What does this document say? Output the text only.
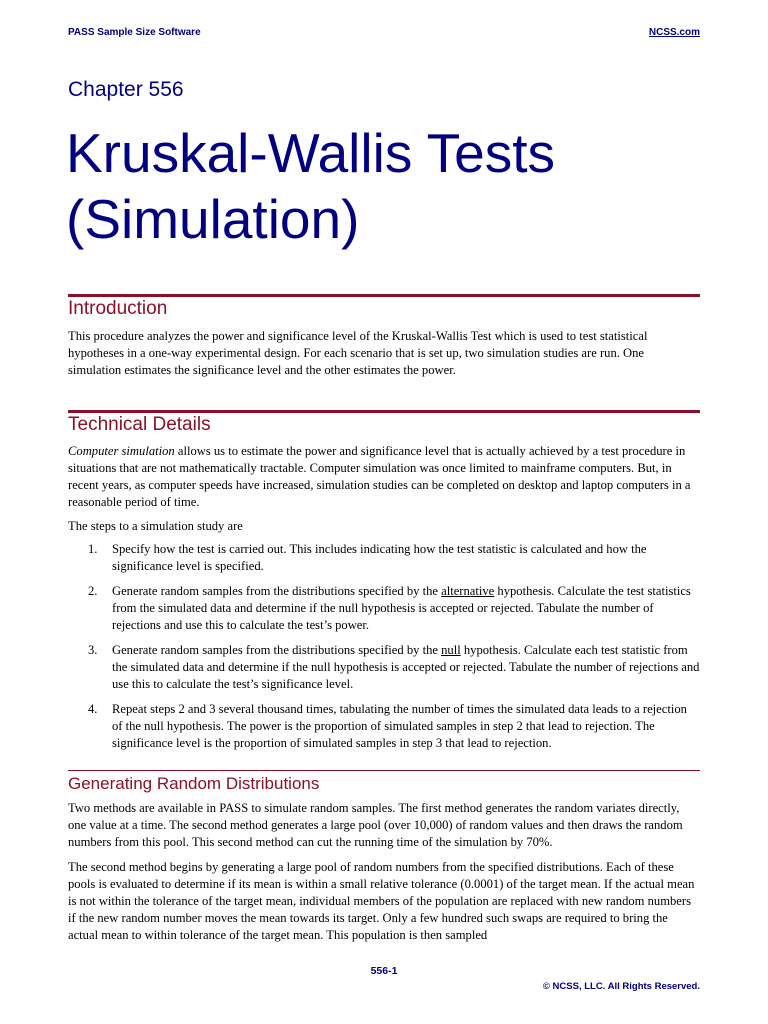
PASS Sample Size Software	NCSS.com
Chapter 556
Kruskal-Wallis Tests
(Simulation)
Introduction

This procedure analyzes the power and significance level of the Kruskal-Wallis Test which is used to test statistical hypotheses in a one-way experimental design. For each scenario that is set up, two simulation studies are run. One simulation estimates the significance level and the other estimates the power.

Technical Details

Computer simulation allows us to estimate the power and significance level that is actually achieved by a test procedure in situations that are not mathematically tractable. Computer simulation was once limited to mainframe computers. But, in recent years, as computer speeds have increased, simulation studies can be completed on desktop and laptop computers in a reasonable period of time.

The steps to a simulation study are

1. Specify how the test is carried out. This includes indicating how the test statistic is calculated and how the significance level is specified.
2. Generate random samples from the distributions specified by the alternative hypothesis. Calculate the test statistics from the simulated data and determine if the null hypothesis is accepted or rejected. Tabulate the number of rejections and use this to calculate the test’s power.
3. Generate random samples from the distributions specified by the null hypothesis. Calculate each test statistic from the simulated data and determine if the null hypothesis is accepted or rejected. Tabulate the number of rejections and use this to calculate the test’s significance level.
4. Repeat steps 2 and 3 several thousand times, tabulating the number of times the simulated data leads to a rejection of the null hypothesis. The power is the proportion of simulated samples in step 2 that lead to rejection. The significance level is the proportion of simulated samples in step 3 that lead to rejection.
Generating Random Distributions

Two methods are available in PASS to simulate random samples. The first method generates the random variates directly, one value at a time. The second method generates a large pool (over 10,000) of random values and then draws the random numbers from this pool. This second method can cut the running time of the simulation by 70%.

The second method begins by generating a large pool of random numbers from the specified distributions. Each of these pools is evaluated to determine if its mean is within a small relative tolerance (0.0001) of the target mean. If the actual mean is not within the tolerance of the target mean, individual members of the population are replaced with new random numbers if the new random number moves the mean towards its target. Only a few hundred such swaps are required to bring the actual mean to within tolerance of the target mean. This population is then sampled

556-1
© NCSS, LLC. All Rights Reserved.
